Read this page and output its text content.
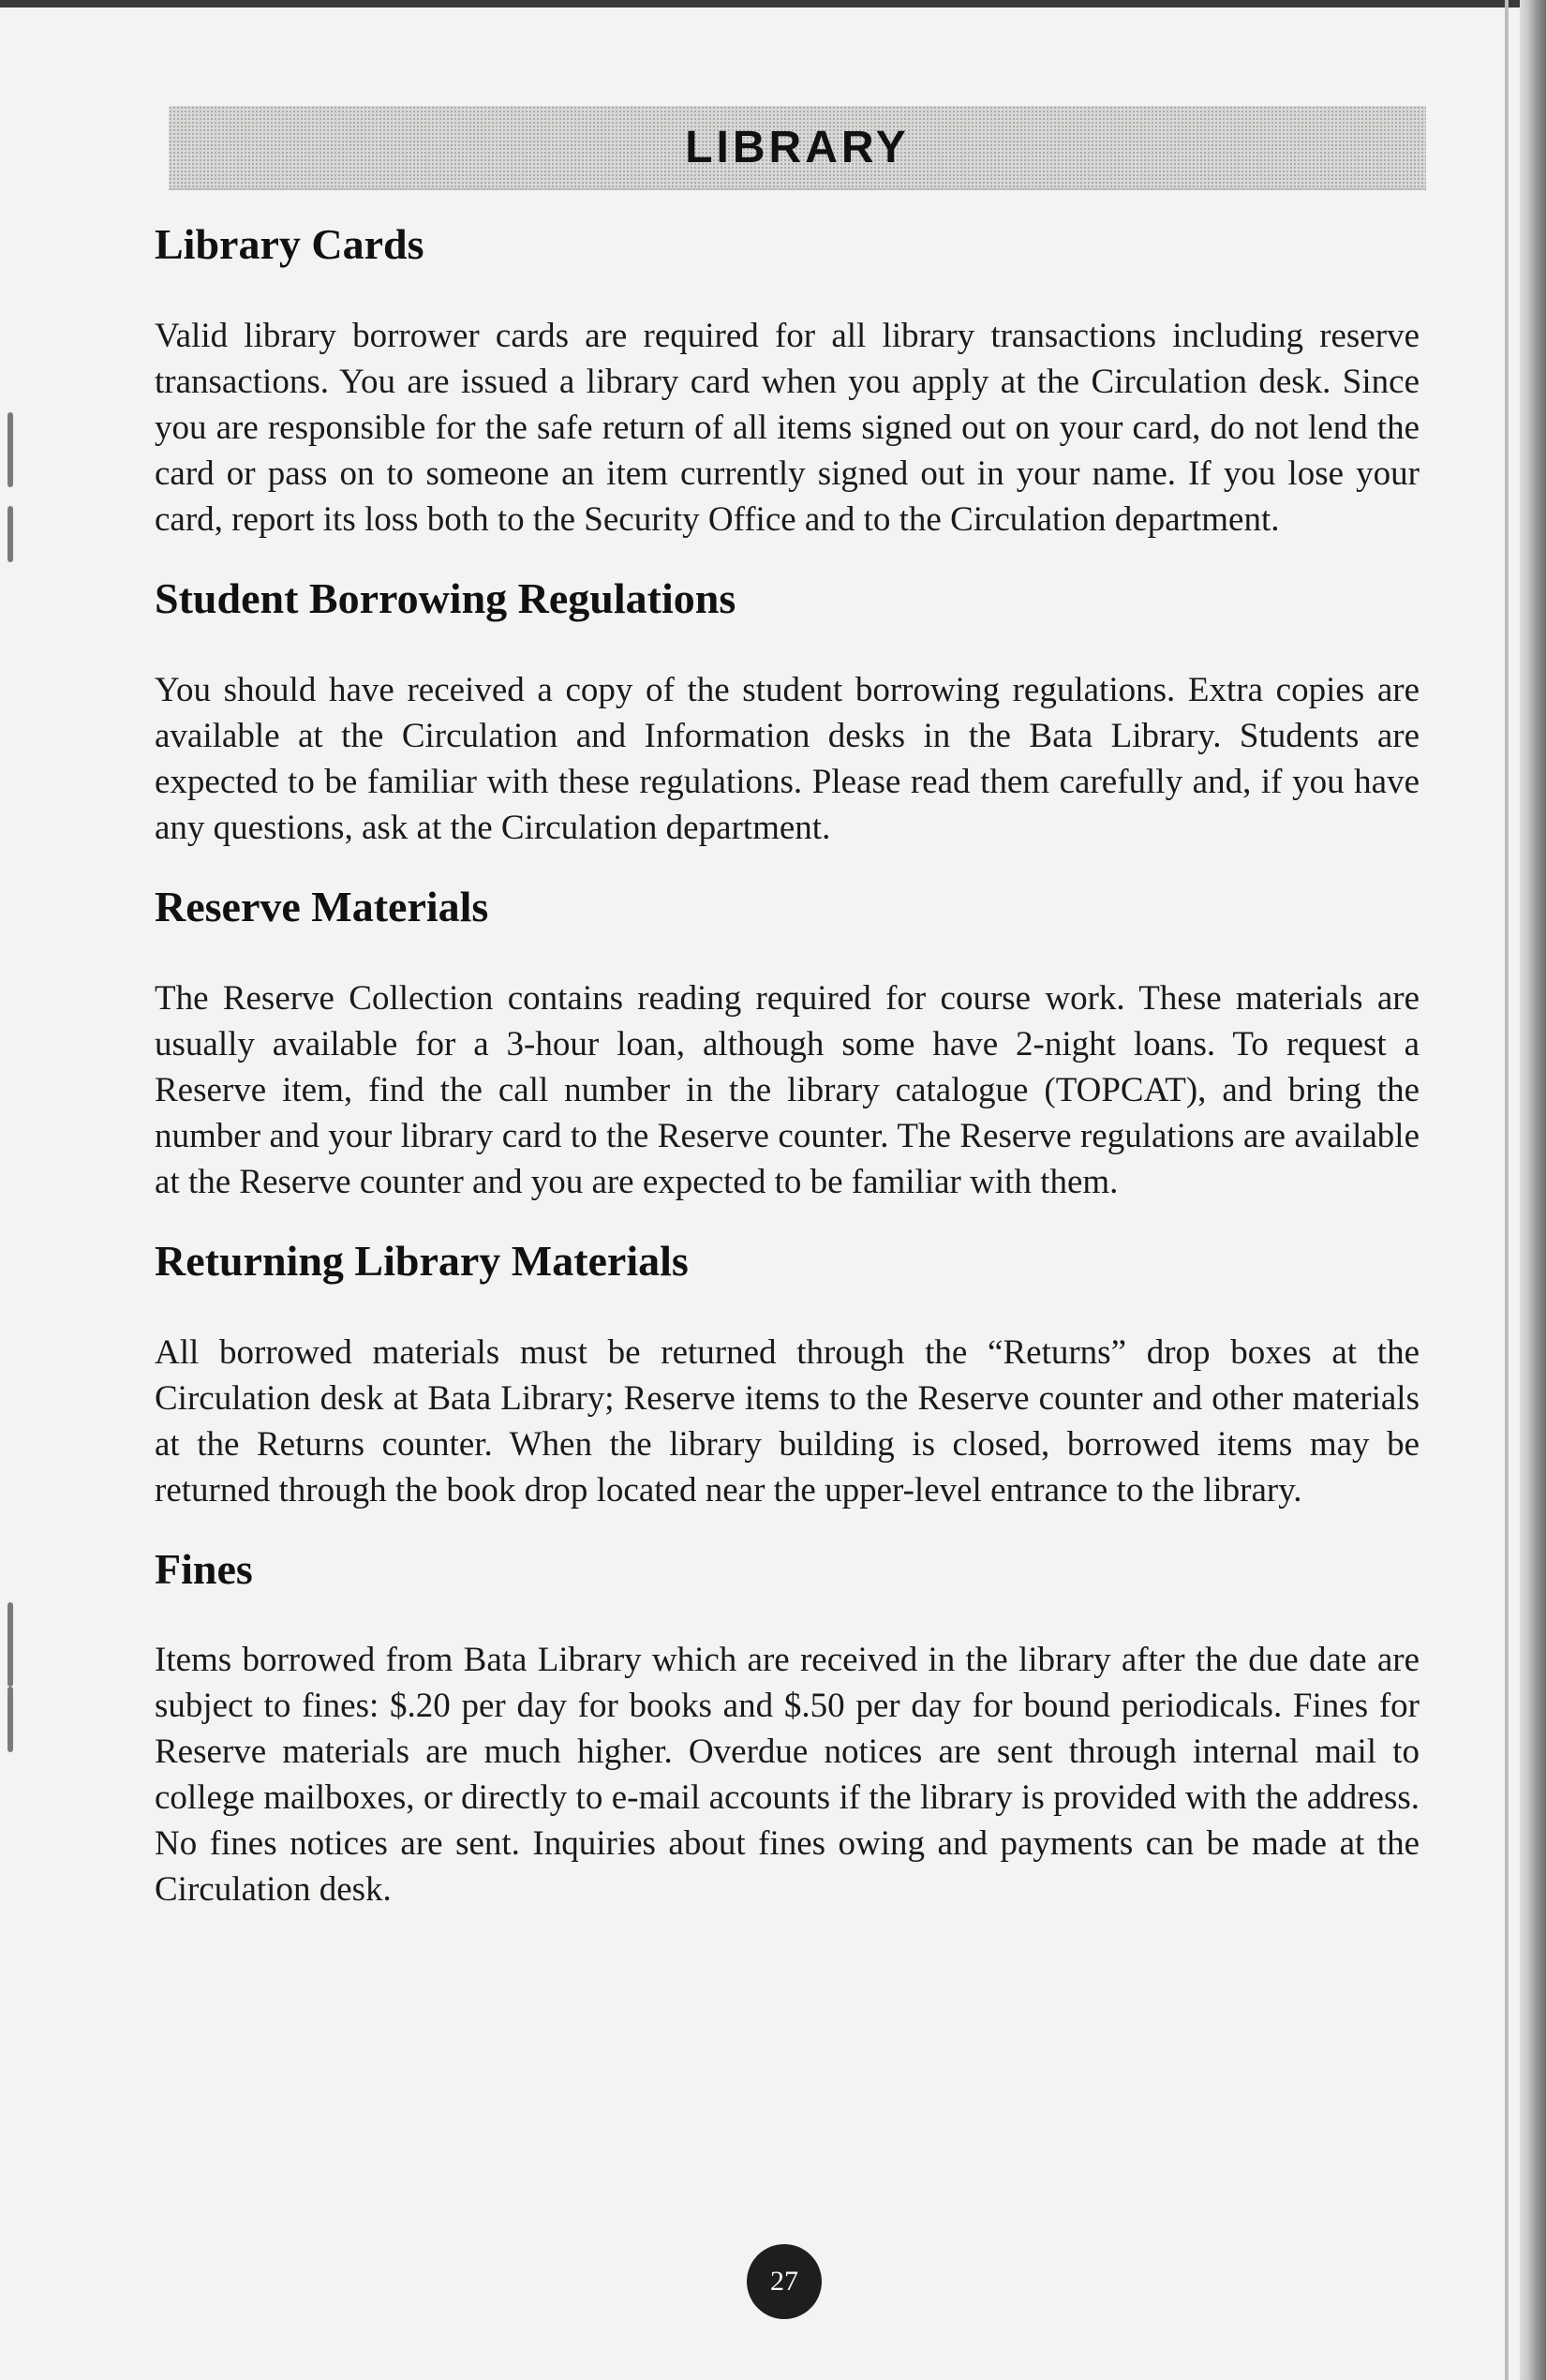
LIBRARY
Library Cards

Valid library borrower cards are required for all library transactions including reserve transactions. You are issued a library card when you apply at the Circulation desk. Since you are responsible for the safe return of all items signed out on your card, do not lend the card or pass on to someone an item currently signed out in your name. If you lose your card, report its loss both to the Security Office and to the Circulation department.

Student Borrowing Regulations

You should have received a copy of the student borrowing regulations. Extra copies are available at the Circulation and Information desks in the Bata Library. Students are expected to be familiar with these regulations. Please read them carefully and, if you have any questions, ask at the Circulation department.

Reserve Materials

The Reserve Collection contains reading required for course work. These materials are usually available for a 3-hour loan, although some have 2-night loans. To request a Reserve item, find the call number in the library catalogue (TOPCAT), and bring the number and your library card to the Reserve counter. The Reserve regulations are available at the Reserve counter and you are expected to be familiar with them.

Returning Library Materials

All borrowed materials must be returned through the “Returns” drop boxes at the Circulation desk at Bata Library; Reserve items to the Reserve counter and other materials at the Returns counter. When the library building is closed, borrowed items may be returned through the book drop located near the upper-level entrance to the library.

Fines

Items borrowed from Bata Library which are received in the library after the due date are subject to fines: $.20 per day for books and $.50 per day for bound periodicals. Fines for Reserve materials are much higher. Overdue notices are sent through internal mail to college mailboxes, or directly to e-mail accounts if the library is provided with the address. No fines notices are sent. Inquiries about fines owing and payments can be made at the Circulation desk.

27
